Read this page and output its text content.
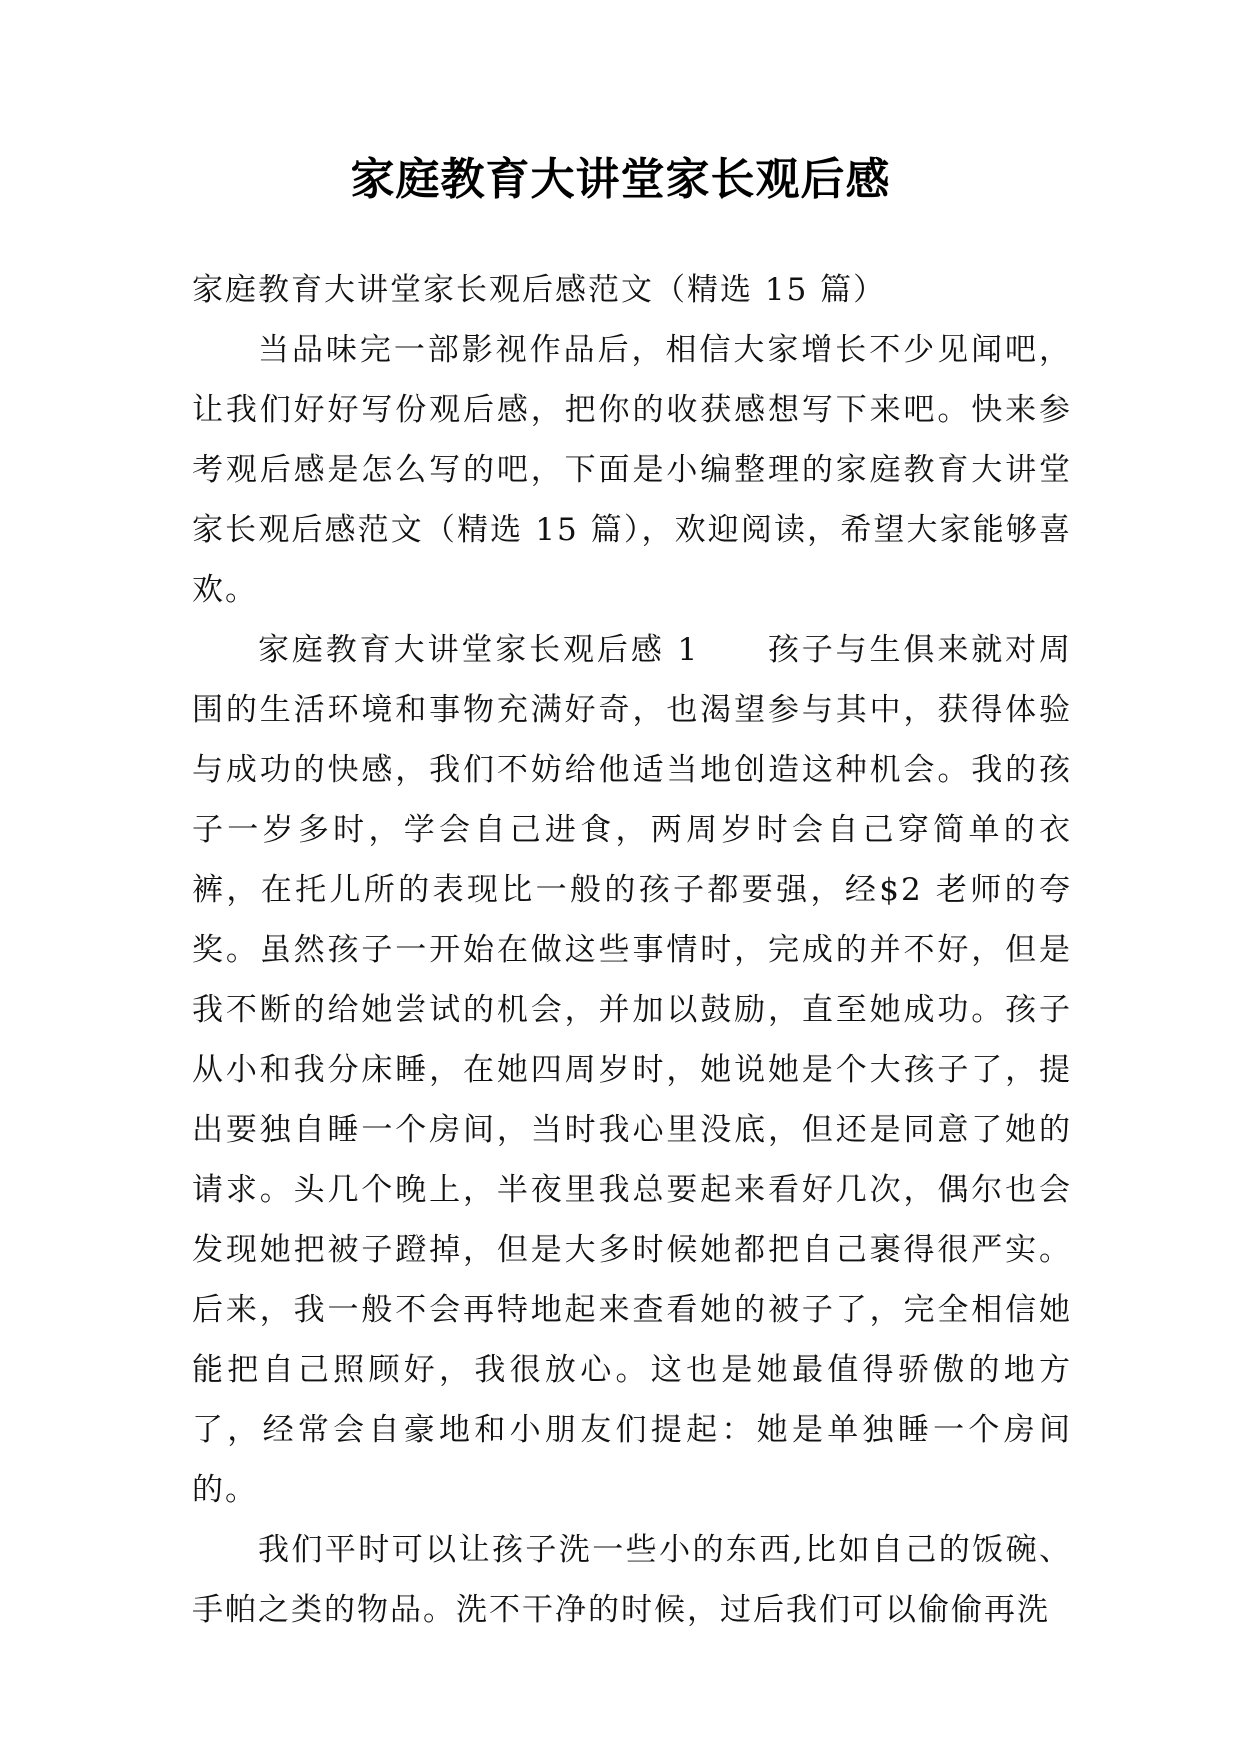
家庭教育大讲堂家长观后感

家庭教育大讲堂家长观后感范文（精选 15 篇）

当品味完一部影视作品后，相信大家增长不少见闻吧，让我们好好写份观后感，把你的收获感想写下来吧。快来参考观后感是怎么写的吧，下面是小编整理的家庭教育大讲堂家长观后感范文（精选 15 篇），欢迎阅读，希望大家能够喜欢。

家庭教育大讲堂家长观后感 1　　孩子与生俱来就对周围的生活环境和事物充满好奇，也渴望参与其中，获得体验与成功的快感，我们不妨给他适当地创造这种机会。我的孩子一岁多时，学会自己进食，两周岁时会自己穿简单的衣裤，在托儿所的表现比一般的孩子都要强，经$2 老师的夸奖。虽然孩子一开始在做这些事情时，完成的并不好，但是我不断的给她尝试的机会，并加以鼓励，直至她成功。孩子从小和我分床睡，在她四周岁时，她说她是个大孩子了，提出要独自睡一个房间，当时我心里没底，但还是同意了她的请求。头几个晚上，半夜里我总要起来看好几次，偶尔也会发现她把被子蹬掉，但是大多时候她都把自己裹得很严实。后来，我一般不会再特地起来查看她的被子了，完全相信她能把自己照顾好，我很放心。这也是她最值得骄傲的地方了，经常会自豪地和小朋友们提起：她是单独睡一个房间的。

我们平时可以让孩子洗一些小的东西,比如自己的饭碗、手帕之类的物品。洗不干净的时候，过后我们可以偷偷再洗
